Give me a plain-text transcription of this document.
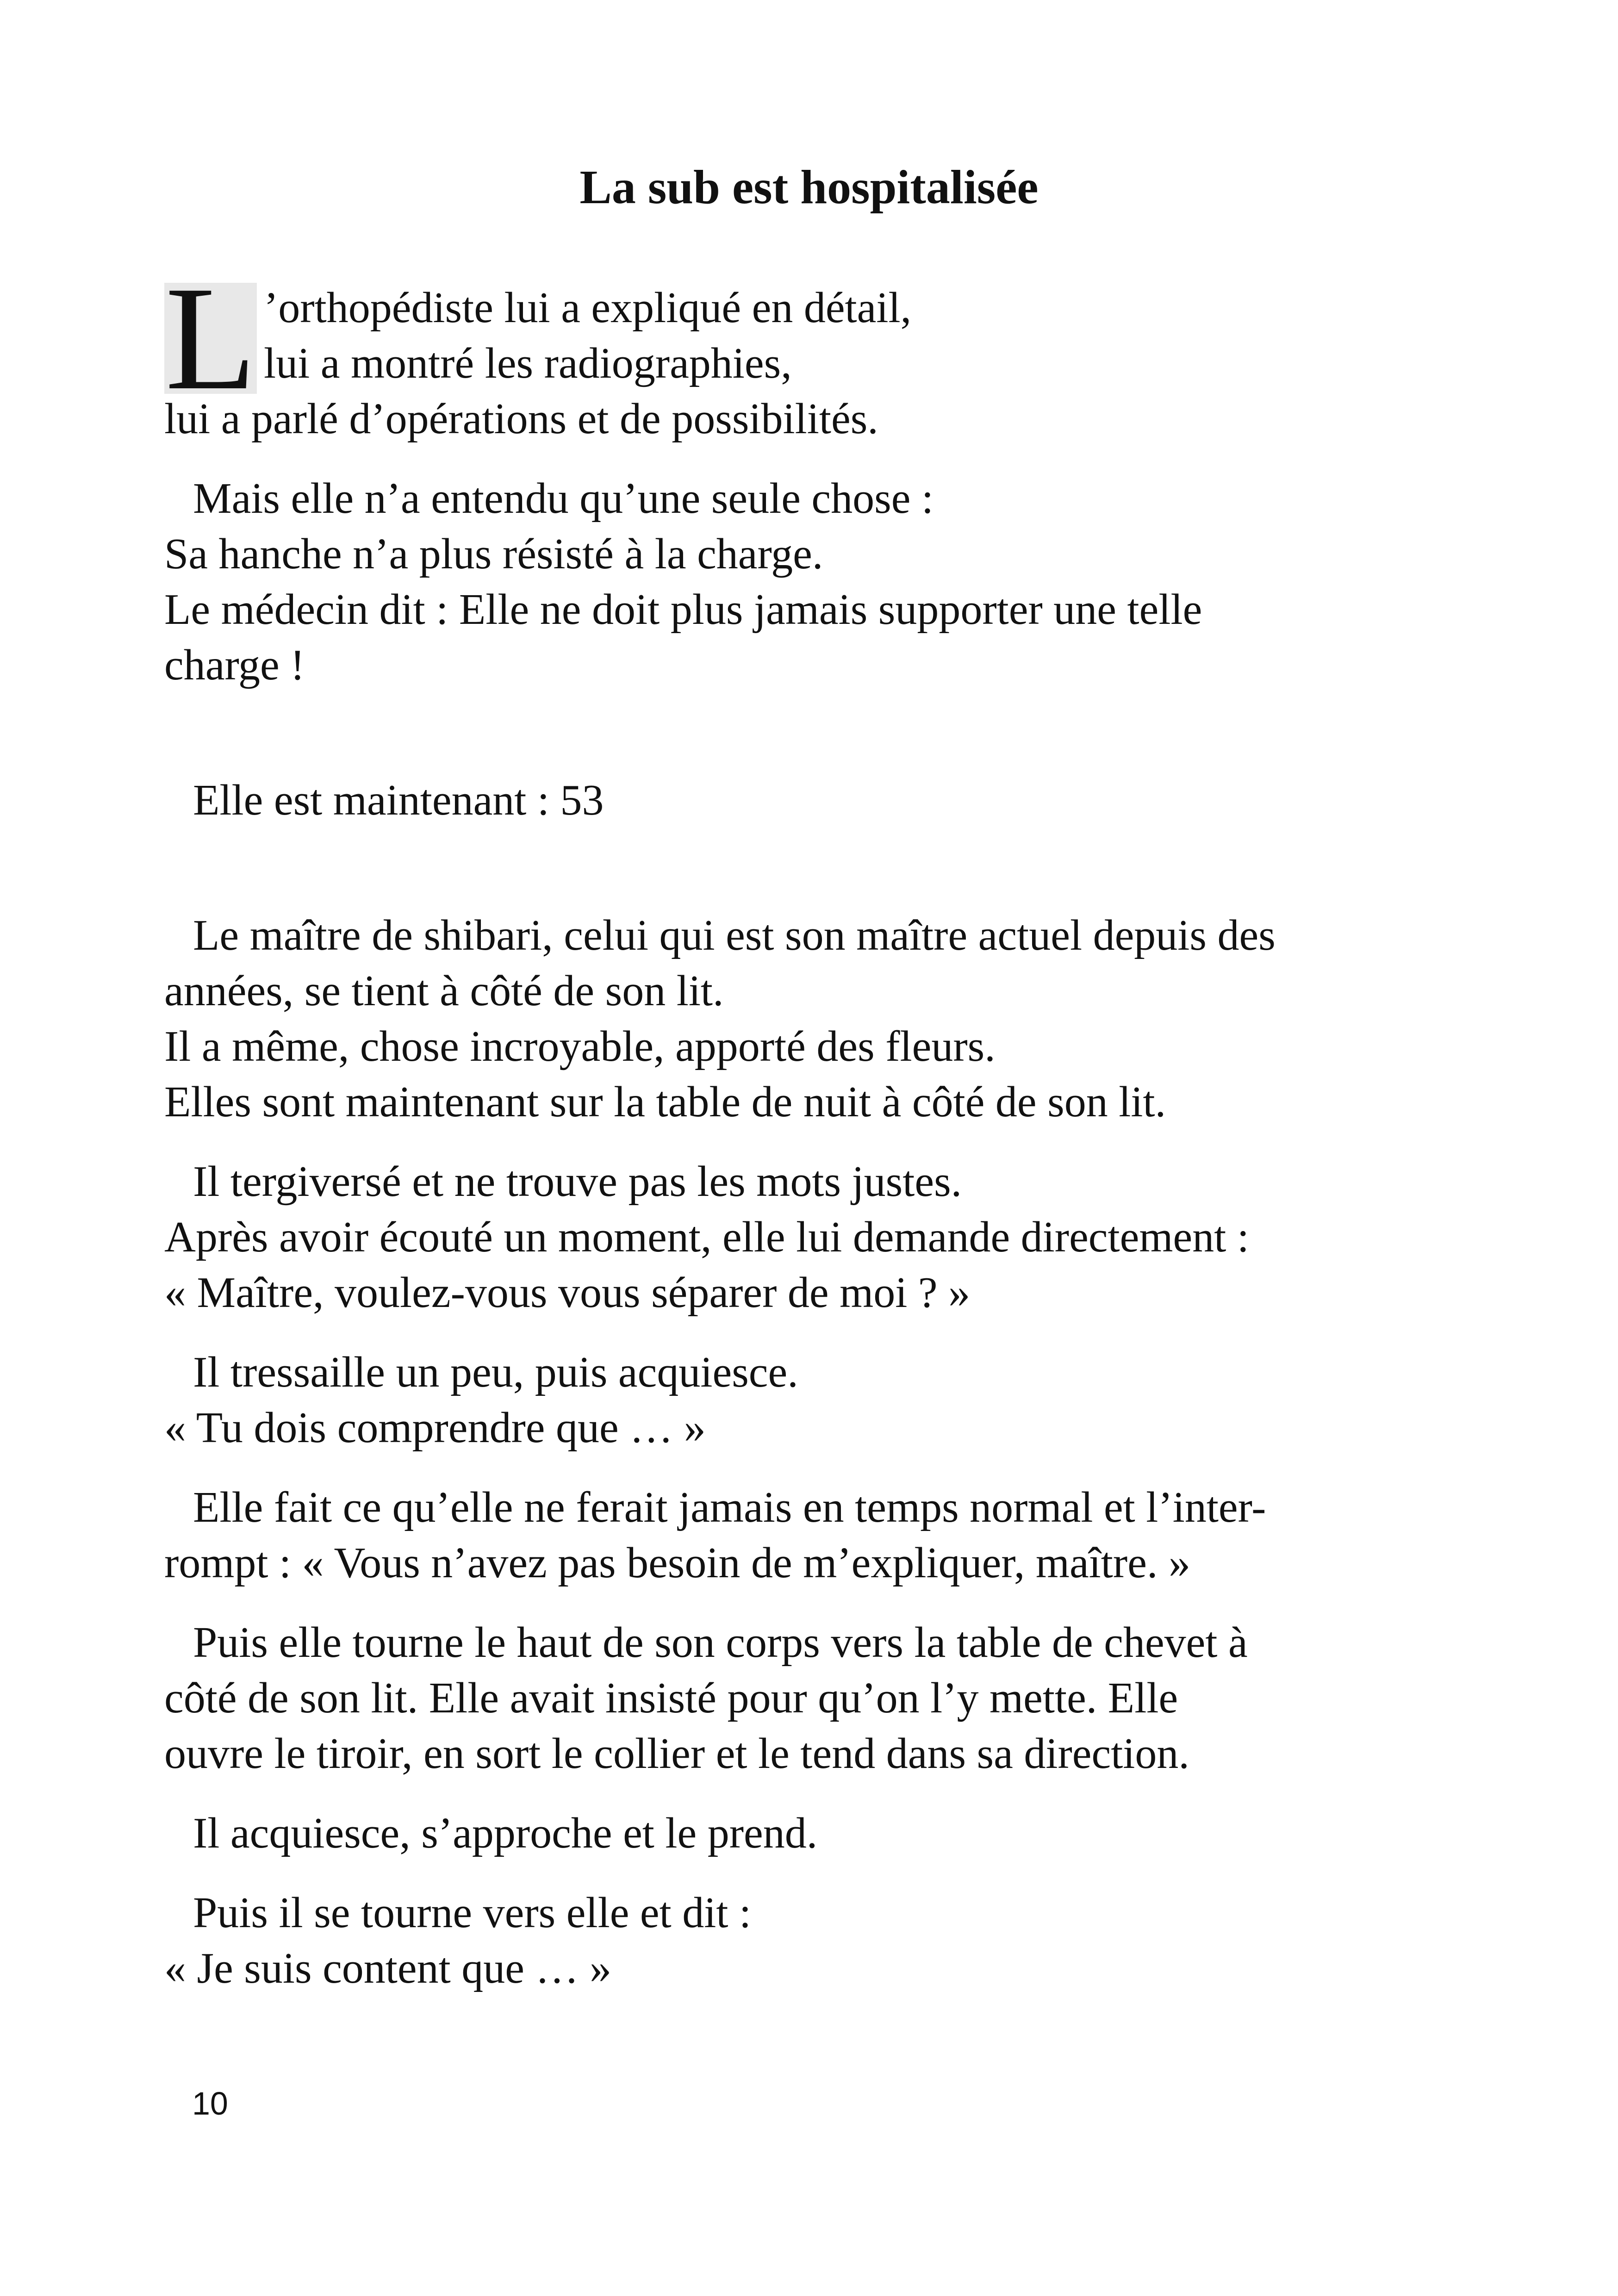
La sub est hospitalisée
L ’orthopédiste lui a expliqué en détail,
lui a montré les radiographies,
lui a parlé d’opérations et de possibilités.
Mais elle n’a entendu qu’une seule chose :
Sa hanche n’a plus résisté à la charge.
Le médecin dit : Elle ne doit plus jamais supporter une telle
charge !
Elle est maintenant : 53
Le maître de shibari, celui qui est son maître actuel depuis des
années, se tient à côté de son lit.
Il a même, chose incroyable, apporté des fleurs.
Elles sont maintenant sur la table de nuit à côté de son lit.
Il tergiversé et ne trouve pas les mots justes.
Après avoir écouté un moment, elle lui demande directement :
« Maître, voulez-vous vous séparer de moi ? »
Il tressaille un peu, puis acquiesce.
« Tu dois comprendre que … »
Elle fait ce qu’elle ne ferait jamais en temps normal et l’inter-
rompt : « Vous n’avez pas besoin de m’expliquer, maître. »
Puis elle tourne le haut de son corps vers la table de chevet à
côté de son lit. Elle avait insisté pour qu’on l’y mette. Elle
ouvre le tiroir, en sort le collier et le tend dans sa direction.
Il acquiesce, s’approche et le prend.
Puis il se tourne vers elle et dit :
« Je suis content que … »
10
